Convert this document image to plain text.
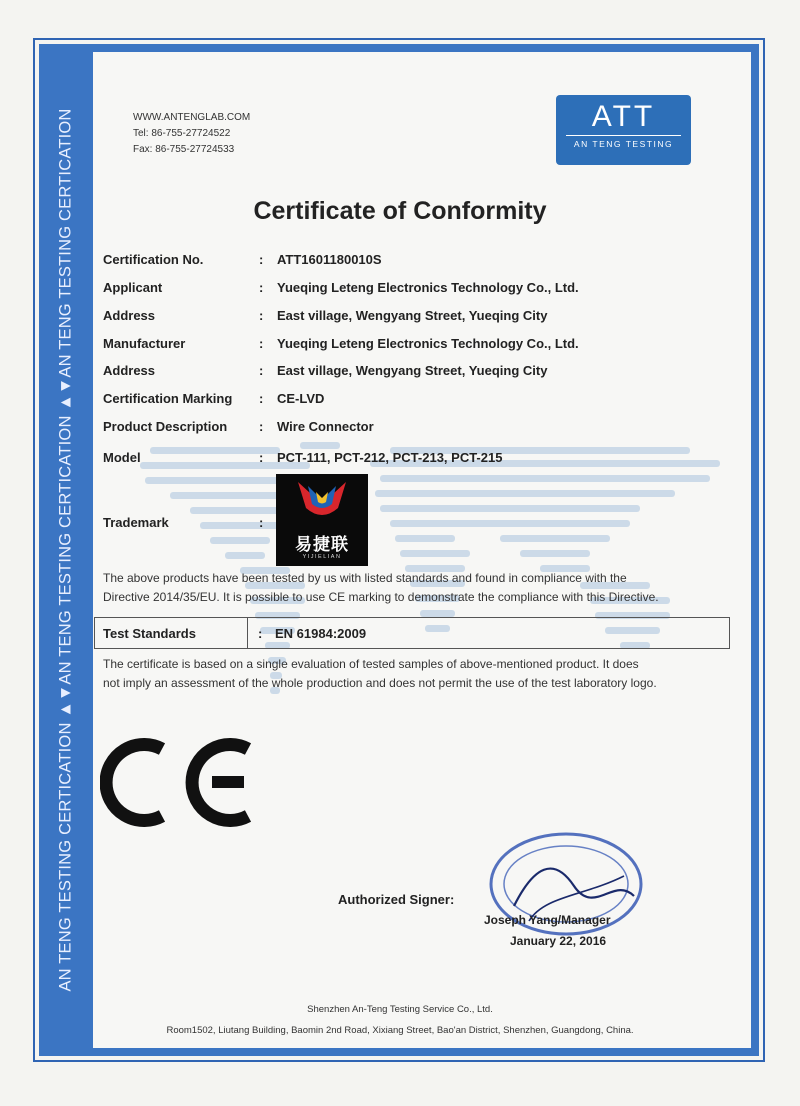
AN TENG TESTING CERTICATION ▲▼AN TENG TESTING CERTICATION ▲▼AN TENG TESTING CERTICATION	WWW.ANTENGLAB.COM
Tel: 86-755-27724522
Fax: 86-755-27724533
ATT
AN TENG TESTING
Certificate of Conformity
Certification No.	: ATT1601180010S
Applicant	: Yueqing Leteng Electronics Technology Co., Ltd.
Address	: East village, Wengyang Street, Yueqing City
Manufacturer	: Yueqing Leteng Electronics Technology Co., Ltd.
Address	: East village, Wengyang Street, Yueqing City
Certification Marking : CE-LVD
Product Description : Wire Connector
Model	: PCT-111, PCT-212, PCT-213, PCT-215
Trademark	:
易捷联
YIJIELIAN
The above products have been tested by us with listed standards and found in compliance with the
Directive 2014/35/EU. It is possible to use CE marking to demonstrate the compliance with this Directive.
Test Standards	: EN 61984:2009
The certificate is based on a single evaluation of tested samples of above-mentioned product. It does
not imply an assessment of the whole production and does not permit the use of the test laboratory logo.
Authorized Signer:
Joseph Yang/Manager
January 22, 2016
Shenzhen An-Teng Testing Service Co., Ltd.
Room1502, Liutang Building, Baomin 2nd Road, Xixiang Street, Bao'an District, Shenzhen, Guangdong, China.
